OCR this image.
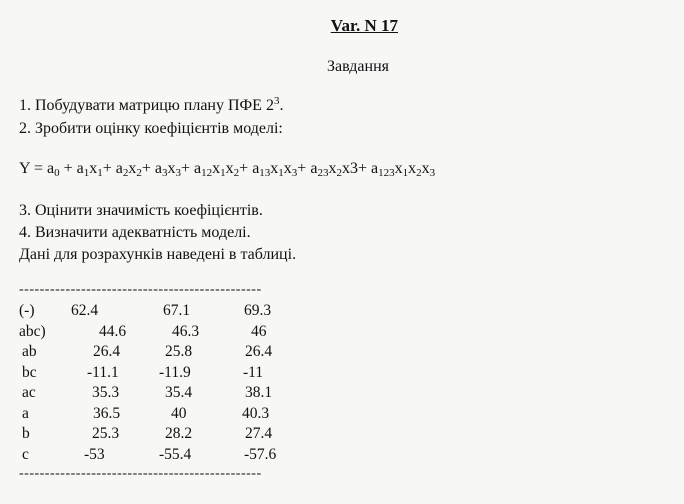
Var. N 17
Завдання
1. Побудувати матрицю плану ПФЕ $2^3$.
2. Зробити оцінку коефіцієнтів моделі:
$Y = a_0 + a_1x_1+ a_2x_2+ a_3x_3+ a_{12}x_1x_2+ a_{13}x_1x_3+ a_{23}x_2x3+ a_{123}x_1x_2x_3$
3. Оцінити значимість коефіцієнтів.
4. Визначити адекватність моделі.
Дані для розрахунків наведені в таблиці.
-----------------------------------------------
(-) 62.4	67.1	69.3
abc)	44.6	46.3	46
ab	26.4	25.8	26.4
bc	-11.1	-11.9	-11
ac	35.3	35.4	38.1
a	36.5	40	40.3
b	25.3	28.2	27.4
c	-53	-55.4	-57.6
-----------------------------------------------
